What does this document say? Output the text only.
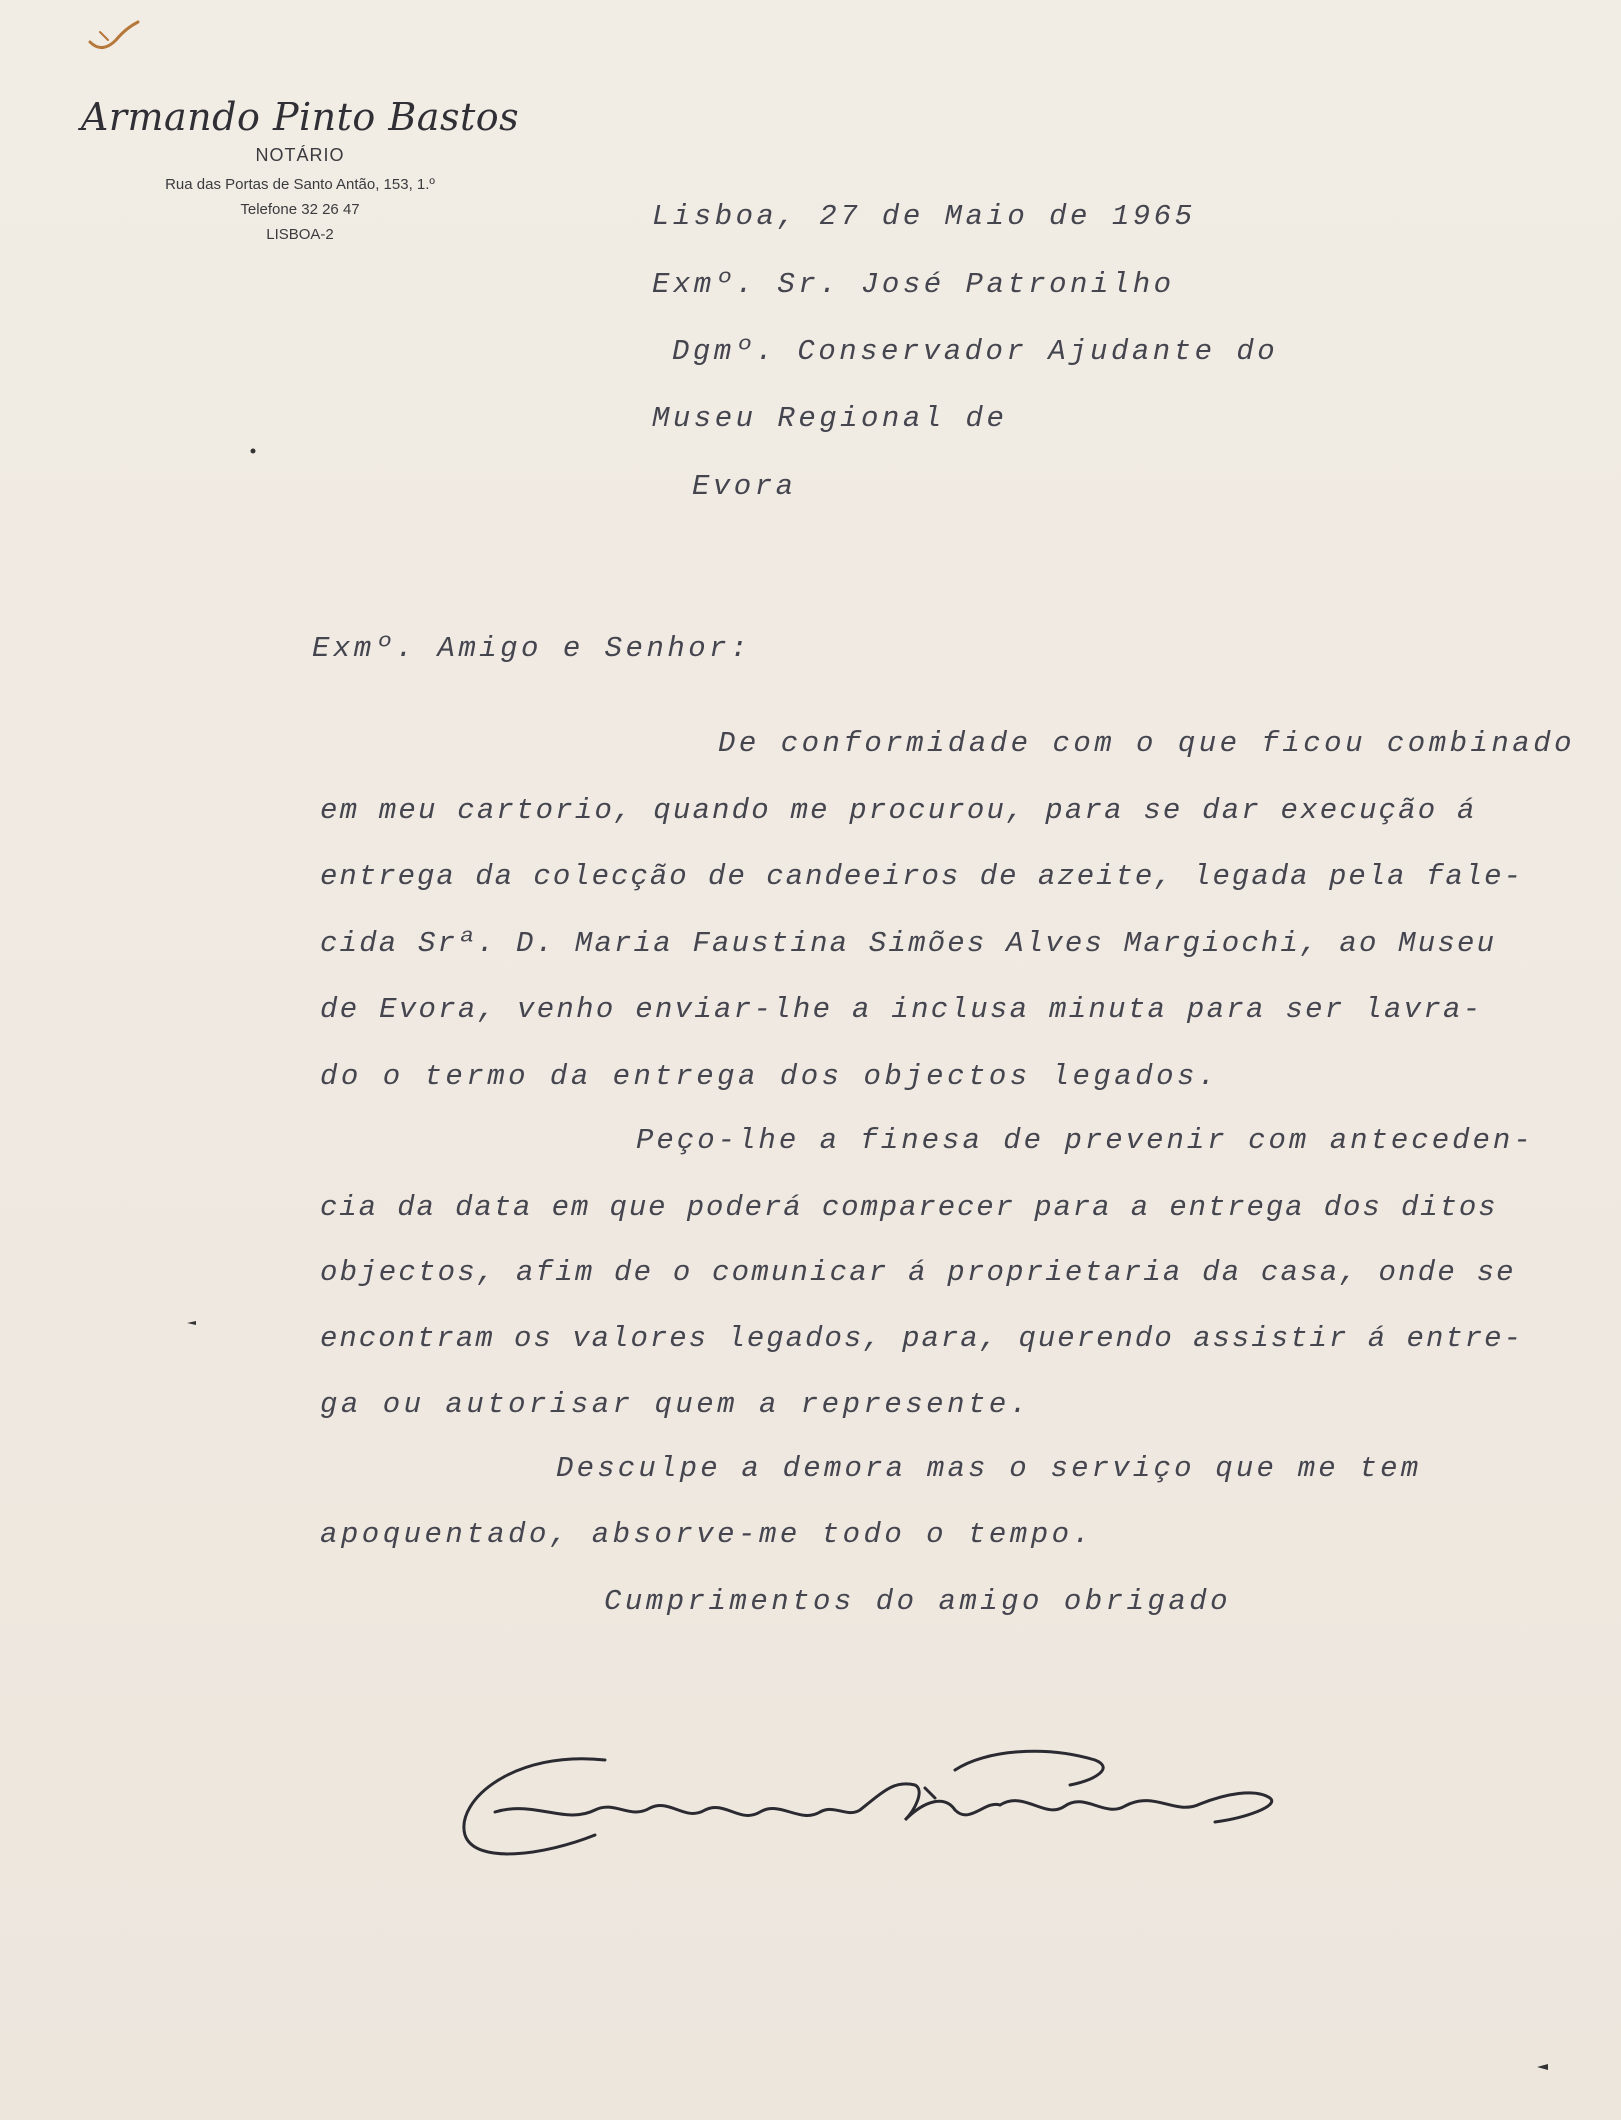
Armando Pinto Bastos
NOTÁRIO
Rua das Portas de Santo Antão, 153, 1.º
Telefone 32 26 47
LISBOA-2
Lisboa, 27 de Maio de 1965
Exmº. Sr. José Patronilho
Dgmº. Conservador Ajudante do
Museu Regional de
Evora
Exmº. Amigo e Senhor:
De conformidade com o que ficou combinado
em meu cartorio, quando me procurou, para se dar execução á
entrega da colecção de candeeiros de azeite, legada pela fale-
cida Srª. D. Maria Faustina Simões Alves Margiochi, ao Museu
de Evora, venho enviar-lhe a inclusa minuta para ser lavra-
do o termo da entrega dos objectos legados.
Peço-lhe a finesa de prevenir com anteceden-
cia da data em que poderá comparecer para a entrega dos ditos
objectos, afim de o comunicar á proprietaria da casa, onde se
encontram os valores legados, para, querendo assistir á entre-
ga ou autorisar quem a represente.
Desculpe a demora mas o serviço que me tem
apoquentado, absorve-me todo o tempo.
Cumprimentos do amigo obrigado
